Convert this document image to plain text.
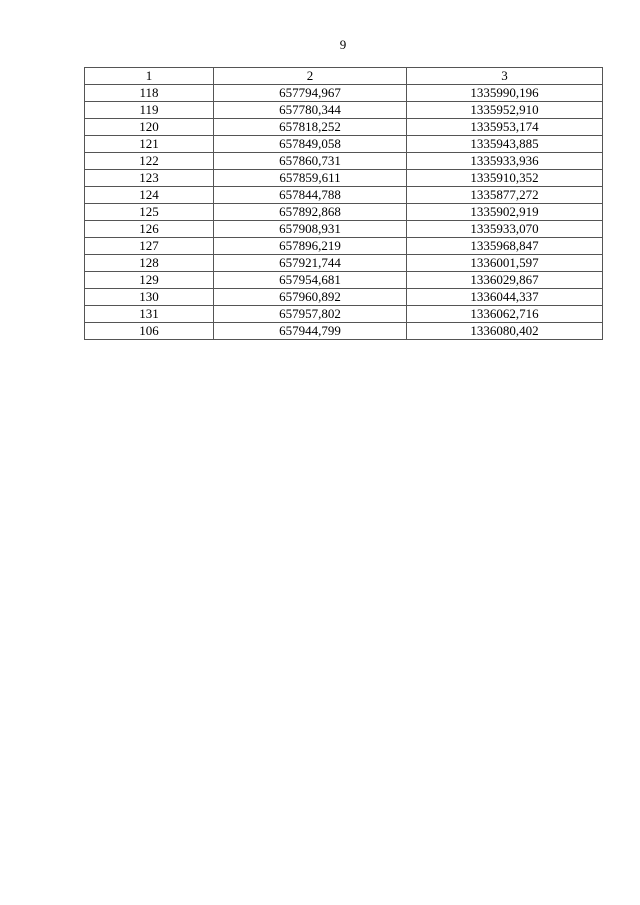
9
1	2	3
118	657794,967	1335990,196
119	657780,344	1335952,910
120	657818,252	1335953,174
121	657849,058	1335943,885
122	657860,731	1335933,936
123	657859,611	1335910,352
124	657844,788	1335877,272
125	657892,868	1335902,919
126	657908,931	1335933,070
127	657896,219	1335968,847
128	657921,744	1336001,597
129	657954,681	1336029,867
130	657960,892	1336044,337
131	657957,802	1336062,716
106	657944,799	1336080,402
